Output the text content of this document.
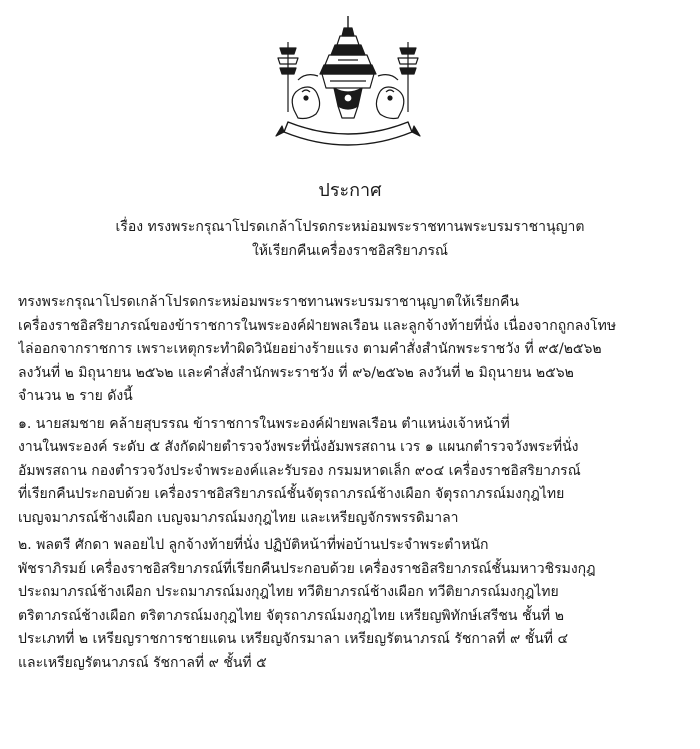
ประกาศ
เรื่อง ทรงพระกรุณาโปรดเกล้าโปรดกระหม่อมพระราชทานพระบรมราชานุญาต
ให้เรียกคืนเครื่องราชอิสริยาภรณ์
ทรงพระกรุณาโปรดเกล้าโปรดกระหม่อมพระราชทานพระบรมราชานุญาตให้เรียกคืน
เครื่องราชอิสริยาภรณ์ของข้าราชการในพระองค์ฝ่ายพลเรือน และลูกจ้างท้ายที่นั่ง เนื่องจากถูกลงโทษ
ไล่ออกจากราชการ เพราะเหตุกระทำผิดวินัยอย่างร้ายแรง ตามคำสั่งสำนักพระราชวัง ที่ ๙๕/๒๕๖๒
ลงวันที่ ๒ มิถุนายน ๒๕๖๒ และคำสั่งสำนักพระราชวัง ที่ ๙๖/๒๕๖๒ ลงวันที่ ๒ มิถุนายน ๒๕๖๒
จำนวน ๒ ราย ดังนี้
๑. นายสมชาย คล้ายสุบรรณ ข้าราชการในพระองค์ฝ่ายพลเรือน ตำแหน่งเจ้าหน้าที่
งานในพระองค์ ระดับ ๕ สังกัดฝ่ายตำรวจวังพระที่นั่งอัมพรสถาน เวร ๑ แผนกตำรวจวังพระที่นั่ง
อัมพรสถาน กองตำรวจวังประจำพระองค์และรับรอง กรมมหาดเล็ก ๙๐๔ เครื่องราชอิสริยาภรณ์
ที่เรียกคืนประกอบด้วย เครื่องราชอิสริยาภรณ์ชั้นจัตุรถาภรณ์ช้างเผือก จัตุรถาภรณ์มงกุฎไทย
เบญจมาภรณ์ช้างเผือก เบญจมาภรณ์มงกุฎไทย และเหรียญจักรพรรดิมาลา
๒. พลตรี ศักดา พลอยไป ลูกจ้างท้ายที่นั่ง ปฏิบัติหน้าที่พ่อบ้านประจำพระตำหนัก
พัชราภิรมย์ เครื่องราชอิสริยาภรณ์ที่เรียกคืนประกอบด้วย เครื่องราชอิสริยาภรณ์ชั้นมหาวชิรมงกุฎ
ประถมาภรณ์ช้างเผือก ประถมาภรณ์มงกุฎไทย ทวีติยาภรณ์ช้างเผือก ทวีติยาภรณ์มงกุฎไทย
ตริตาภรณ์ช้างเผือก ตริตาภรณ์มงกุฎไทย จัตุรถาภรณ์มงกุฎไทย เหรียญพิทักษ์เสรีชน ชั้นที่ ๒
ประเภทที่ ๒ เหรียญราชการชายแดน เหรียญจักรมาลา เหรียญรัตนาภรณ์ รัชกาลที่ ๙ ชั้นที่ ๔
และเหรียญรัตนาภรณ์ รัชกาลที่ ๙ ชั้นที่ ๕
